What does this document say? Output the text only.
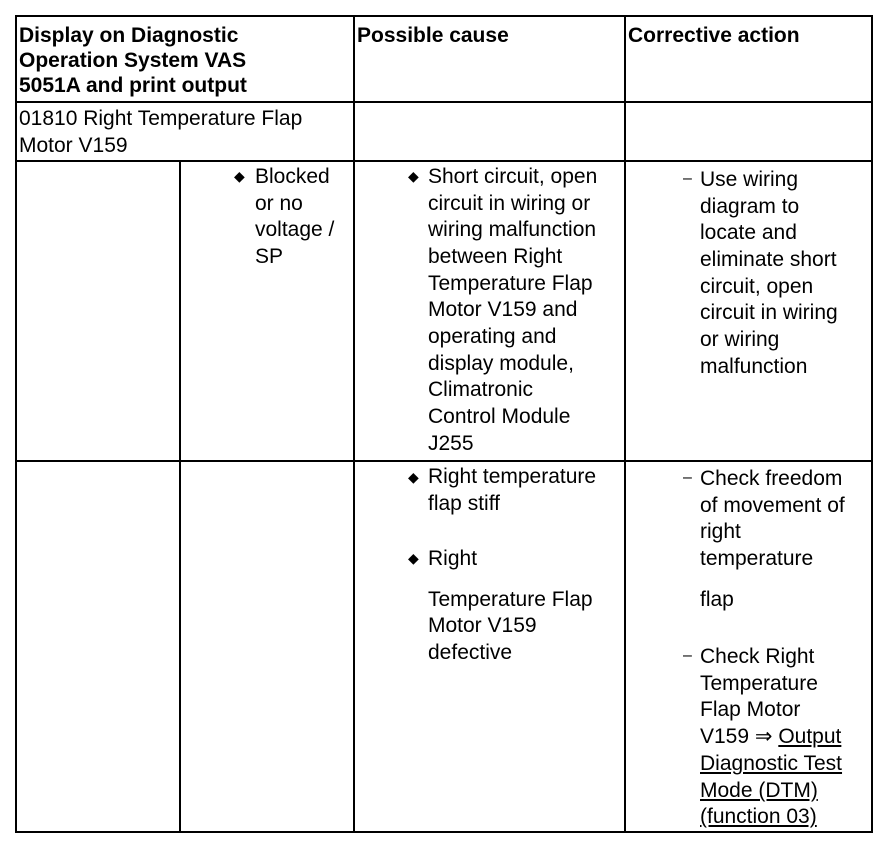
Display on Diagnostic
Operation System VAS
5051A and print output
Possible cause	Corrective action
01810 Right Temperature Flap
Motor V159
◆ Blocked
or no
voltage /
SP
◆ Short circuit, open
circuit in wiring or
wiring malfunction
between Right
Temperature Flap
Motor V159 and
operating and
display module,
Climatronic
Control Module
J255
– Use wiring
diagram to
locate and
eliminate short
circuit, open
circuit in wiring
or wiring
malfunction
◆ Right temperature
flap stiff
◆ Right
Temperature Flap
Motor V159
defective
– Check freedom
of movement of
right
temperature
flap
– Check Right
Temperature
Flap Motor
V159 ⇒ Output
Diagnostic Test
Mode (DTM)
(function 03)
